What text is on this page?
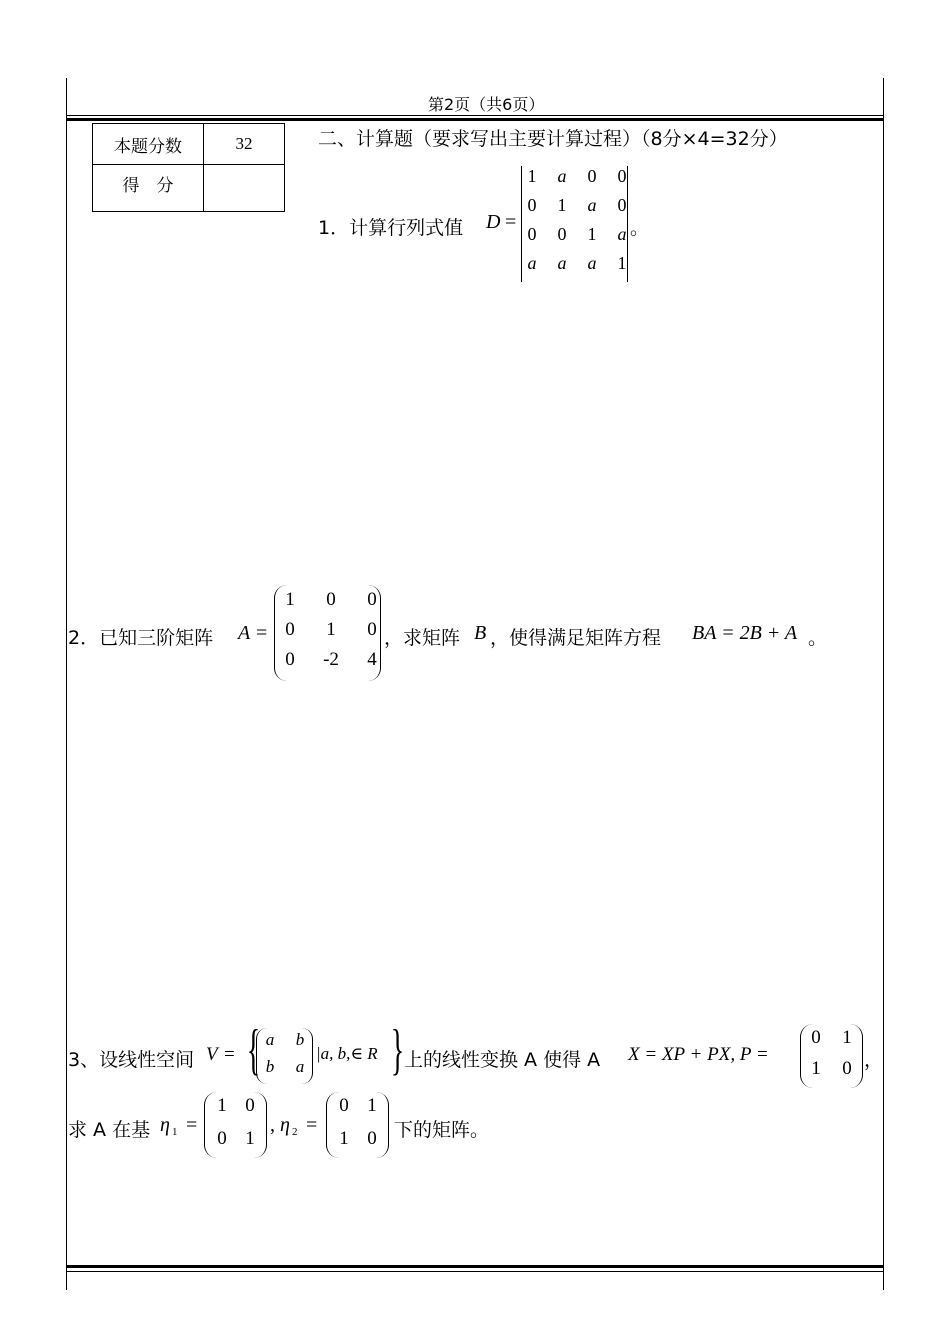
第2页（共6页）
本题分数	32
得　分	
二、计算题（要求写出主要计算过程）（8分×4=32分）
1．计算行列式值 D =
1	a	0	0
0	1	a	0
0	0	1	a
a	a	a	1
。
2．已知三阶矩阵 A =
1	0	0
0	1	0
0	-2	4
，求矩阵 B ，使得满足矩阵方程 BA = 2B + A 。
3、设线性空间 V = { a	b
b	a
|a, b,∈ R } 上的线性变换 A 使得 A X = XP + PX, P =
0	1
1	0 ，
求 A 在基 η 1 =
1 0
0 1
, η 2 =
0 1
1 0 下的矩阵。
